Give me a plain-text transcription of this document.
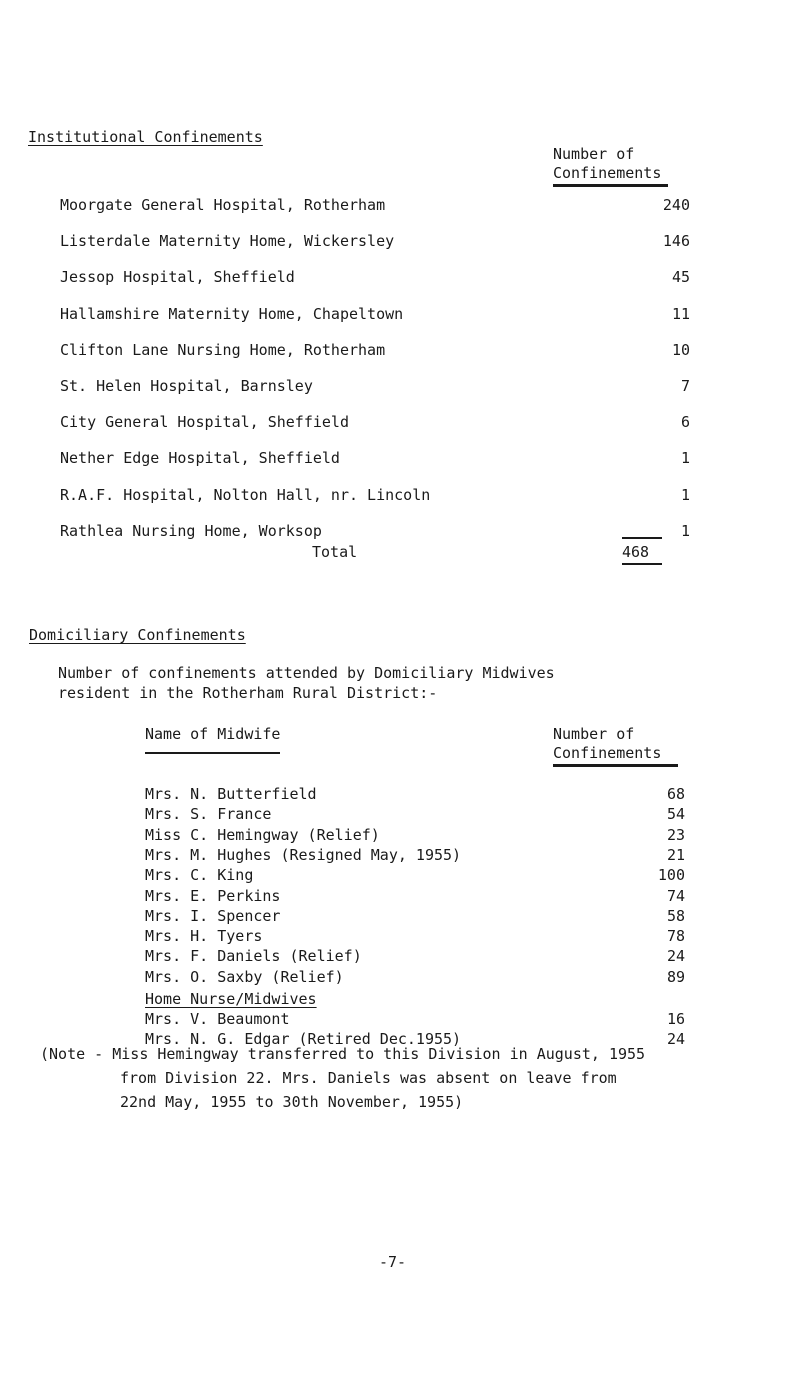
Institutional Confinements
Number of
Confinements
Moorgate General Hospital, Rotherham	240
Listerdale Maternity Home, Wickersley	146
Jessop Hospital, Sheffield	45
Hallamshire Maternity Home, Chapeltown	11
Clifton Lane Nursing Home, Rotherham	10
St. Helen Hospital, Barnsley	7
City General Hospital, Sheffield	6
Nether Edge Hospital, Sheffield	1
R.A.F. Hospital, Nolton Hall, nr. Lincoln	1
Rathlea Nursing Home, Worksop	1
Total	468
Domiciliary Confinements
Number of confinements attended by Domiciliary Midwives
resident in the Rotherham Rural District:-
Name of Midwife	Number of
Confinements
Mrs. N. Butterfield	68
Mrs. S. France	54
Miss C. Hemingway (Relief)	23
Mrs. M. Hughes (Resigned May, 1955)	21
Mrs. C. King	100
Mrs. E. Perkins	74
Mrs. I. Spencer	58
Mrs. H. Tyers	78
Mrs. F. Daniels (Relief)	24
Mrs. O. Saxby (Relief)	89
Home Nurse/Midwives
Mrs. V. Beaumont	16
Mrs. N. G. Edgar (Retired Dec.1955)	24
(Note - Miss Hemingway transferred to this Division in August, 1955
from Division 22. Mrs. Daniels was absent on leave from
22nd May, 1955 to 30th November, 1955)
-7-
